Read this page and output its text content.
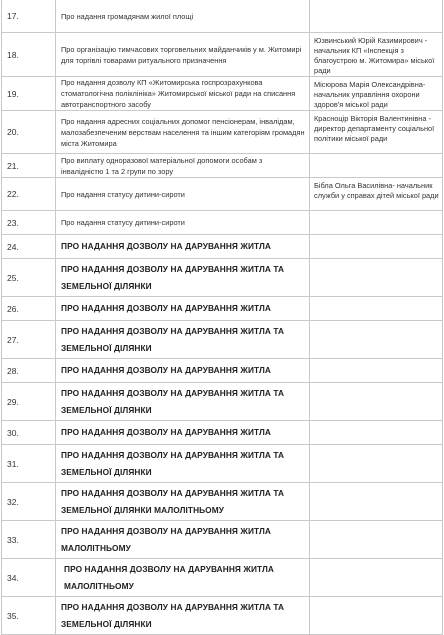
17.	Про надання громадянам жилої площі	
18.	Про організацію тимчасових торговельних майданчиків у м. Житомирі для торгівлі товарами ритуального призначення	Юзвинський Юрій Казимирович - начальник КП «Інспекція з благоустрою м. Житомира» міської ради
19.	Про надання дозволу КП «Житомирська госпрозрахункова стоматологічна поліклініка» Житомирської міської ради на списання автотранспортного засобу	Місюрова Марія Олександрівна- начальник управління охорони здоров'я міської ради
20.	Про надання адресних соціальних допомог пенсіонерам, інвалідам, малозабезпеченим верствам населення та іншим категоріям громадян міста Житомира	Красноцір Вікторія Валентинівна - директор департаменту соціальної політики міської ради
21.	Про виплату одноразової матеріальної допомоги особам з інвалідністю 1 та 2 групи по зору	
22.	Про надання статусу дитини-сироти	Бібла Ольга Василівна- начальник служби у справах дітей міської ради
23.	Про надання статусу дитини-сироти	
24.	ПРО НАДАННЯ ДОЗВОЛУ НА ДАРУВАННЯ ЖИТЛА	
25.	ПРО НАДАННЯ ДОЗВОЛУ НА ДАРУВАННЯ ЖИТЛА ТА ЗЕМЕЛЬНОЇ ДІЛЯНКИ	
26.	ПРО НАДАННЯ ДОЗВОЛУ НА ДАРУВАННЯ ЖИТЛА	
27.	ПРО НАДАННЯ ДОЗВОЛУ НА ДАРУВАННЯ ЖИТЛА ТА ЗЕМЕЛЬНОЇ ДІЛЯНКИ	
28.	ПРО НАДАННЯ ДОЗВОЛУ НА ДАРУВАННЯ ЖИТЛА	
29.	ПРО НАДАННЯ ДОЗВОЛУ НА ДАРУВАННЯ ЖИТЛА ТА ЗЕМЕЛЬНОЇ ДІЛЯНКИ	
30.	ПРО НАДАННЯ ДОЗВОЛУ НА ДАРУВАННЯ ЖИТЛА	
31.	ПРО НАДАННЯ ДОЗВОЛУ НА ДАРУВАННЯ ЖИТЛА ТА ЗЕМЕЛЬНОЇ ДІЛЯНКИ	
32.	ПРО НАДАННЯ ДОЗВОЛУ НА ДАРУВАННЯ ЖИТЛА ТА ЗЕМЕЛЬНОЇ ДІЛЯНКИ МАЛОЛІТНЬОМУ	
33.	ПРО НАДАННЯ ДОЗВОЛУ НА ДАРУВАННЯ ЖИТЛА МАЛОЛІТНЬОМУ	
34.	ПРО НАДАННЯ ДОЗВОЛУ НА ДАРУВАННЯ ЖИТЛА МАЛОЛІТНЬОМУ	
35.	ПРО НАДАННЯ ДОЗВОЛУ НА ДАРУВАННЯ ЖИТЛА ТА ЗЕМЕЛЬНОЇ ДІЛЯНКИ	
